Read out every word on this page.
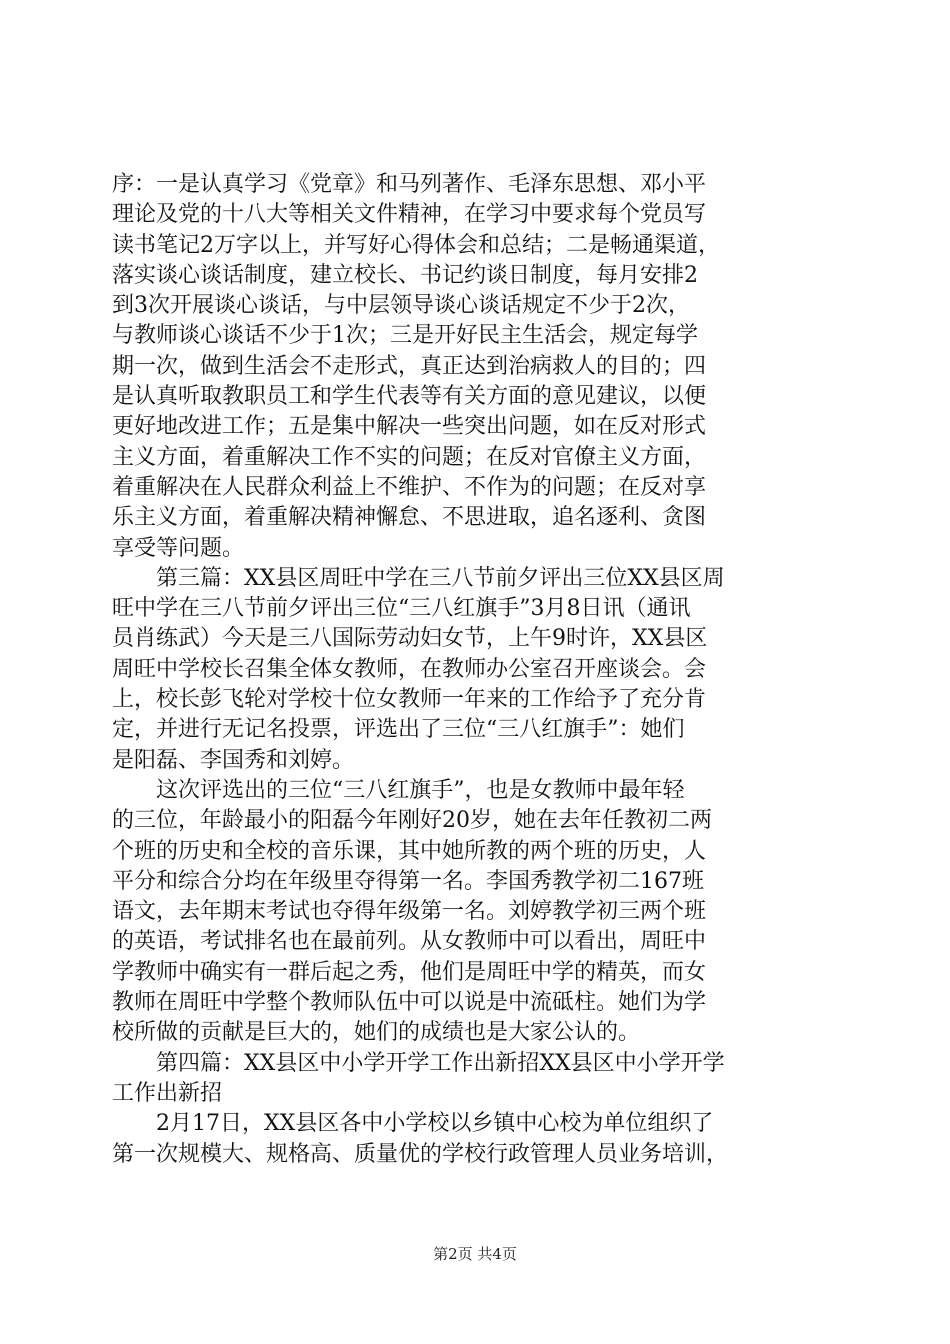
序：一是认真学习《党章》和马列著作、毛泽东思想、邓小平
理论及党的十八大等相关文件精神，在学习中要求每个党员写
读书笔记2万字以上，并写好心得体会和总结；二是畅通渠道，
落实谈心谈话制度，建立校长、书记约谈日制度，每月安排2
到3次开展谈心谈话，与中层领导谈心谈话规定不少于2次，
与教师谈心谈话不少于1次；三是开好民主生活会，规定每学
期一次，做到生活会不走形式，真正达到治病救人的目的；四
是认真听取教职员工和学生代表等有关方面的意见建议，以便
更好地改进工作；五是集中解决一些突出问题，如在反对形式
主义方面，着重解决工作不实的问题；在反对官僚主义方面，
着重解决在人民群众利益上不维护、不作为的问题；在反对享
乐主义方面，着重解决精神懈怠、不思进取，追名逐利、贪图
享受等问题。
　　第三篇：XX县区周旺中学在三八节前夕评出三位XX县区周
旺中学在三八节前夕评出三位“三八红旗手”3月8日讯（通讯
员肖练武）今天是三八国际劳动妇女节，上午9时许，XX县区
周旺中学校长召集全体女教师，在教师办公室召开座谈会。会
上，校长彭飞轮对学校十位女教师一年来的工作给予了充分肯
定，并进行无记名投票，评选出了三位“三八红旗手”：她们
是阳磊、李国秀和刘婷。
　　这次评选出的三位“三八红旗手”，也是女教师中最年轻
的三位，年龄最小的阳磊今年刚好20岁，她在去年任教初二两
个班的历史和全校的音乐课，其中她所教的两个班的历史，人
平分和综合分均在年级里夺得第一名。李国秀教学初二167班
语文，去年期末考试也夺得年级第一名。刘婷教学初三两个班
的英语，考试排名也在最前列。从女教师中可以看出，周旺中
学教师中确实有一群后起之秀，他们是周旺中学的精英，而女
教师在周旺中学整个教师队伍中可以说是中流砥柱。她们为学
校所做的贡献是巨大的，她们的成绩也是大家公认的。
　　第四篇：XX县区中小学开学工作出新招XX县区中小学开学
工作出新招
　　2月17日，XX县区各中小学校以乡镇中心校为单位组织了
第一次规模大、规格高、质量优的学校行政管理人员业务培训，
第2页 共4页
